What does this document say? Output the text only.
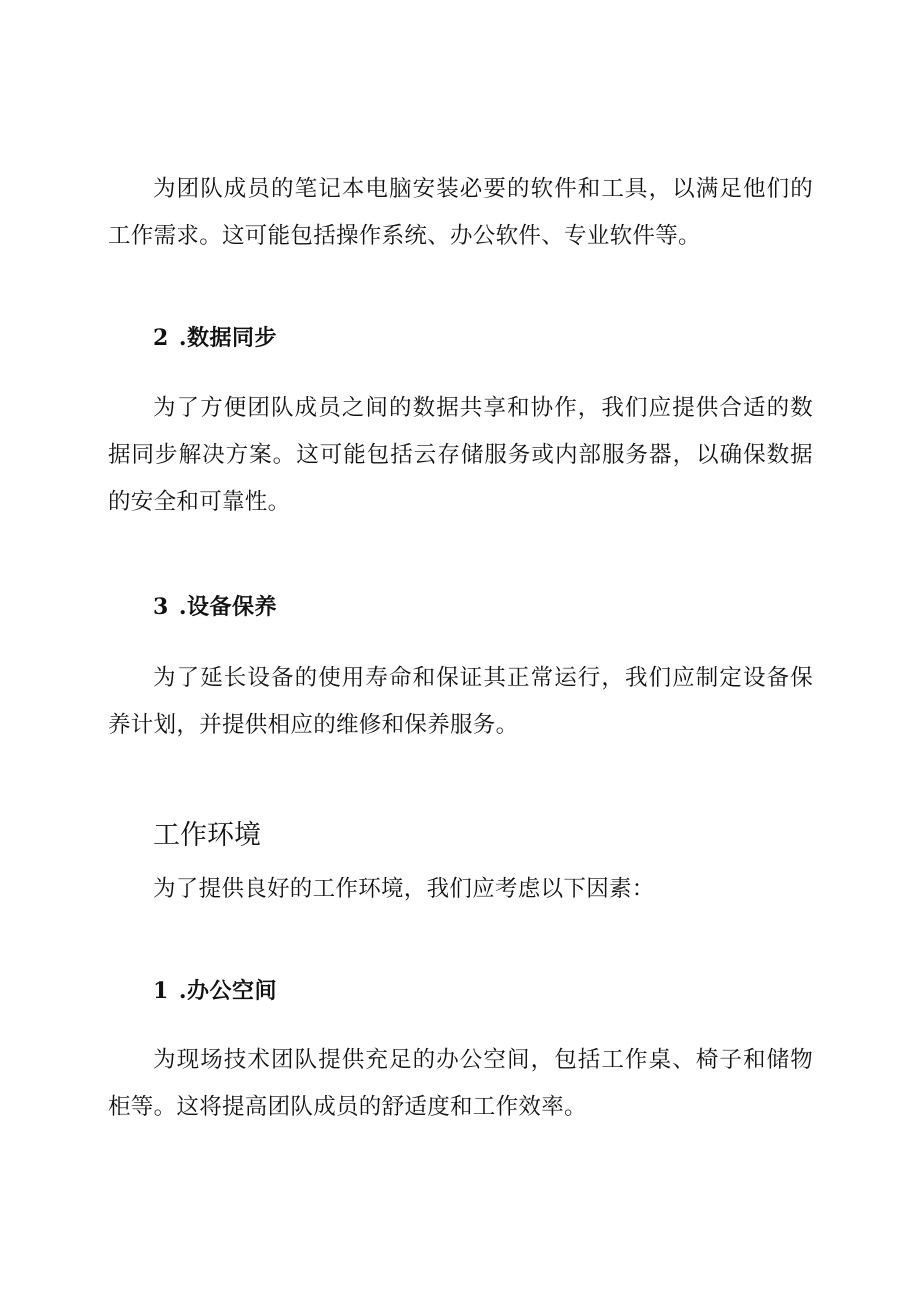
为团队成员的笔记本电脑安装必要的软件和工具，以满足他们的工作需求。这可能包括操作系统、办公软件、专业软件等。

2 .数据同步

为了方便团队成员之间的数据共享和协作，我们应提供合适的数据同步解决方案。这可能包括云存储服务或内部服务器，以确保数据的安全和可靠性。

3 .设备保养

为了延长设备的使用寿命和保证其正常运行，我们应制定设备保养计划，并提供相应的维修和保养服务。

工作环境

为了提供良好的工作环境，我们应考虑以下因素：

1 .办公空间

为现场技术团队提供充足的办公空间，包括工作桌、椅子和储物柜等。这将提高团队成员的舒适度和工作效率。
